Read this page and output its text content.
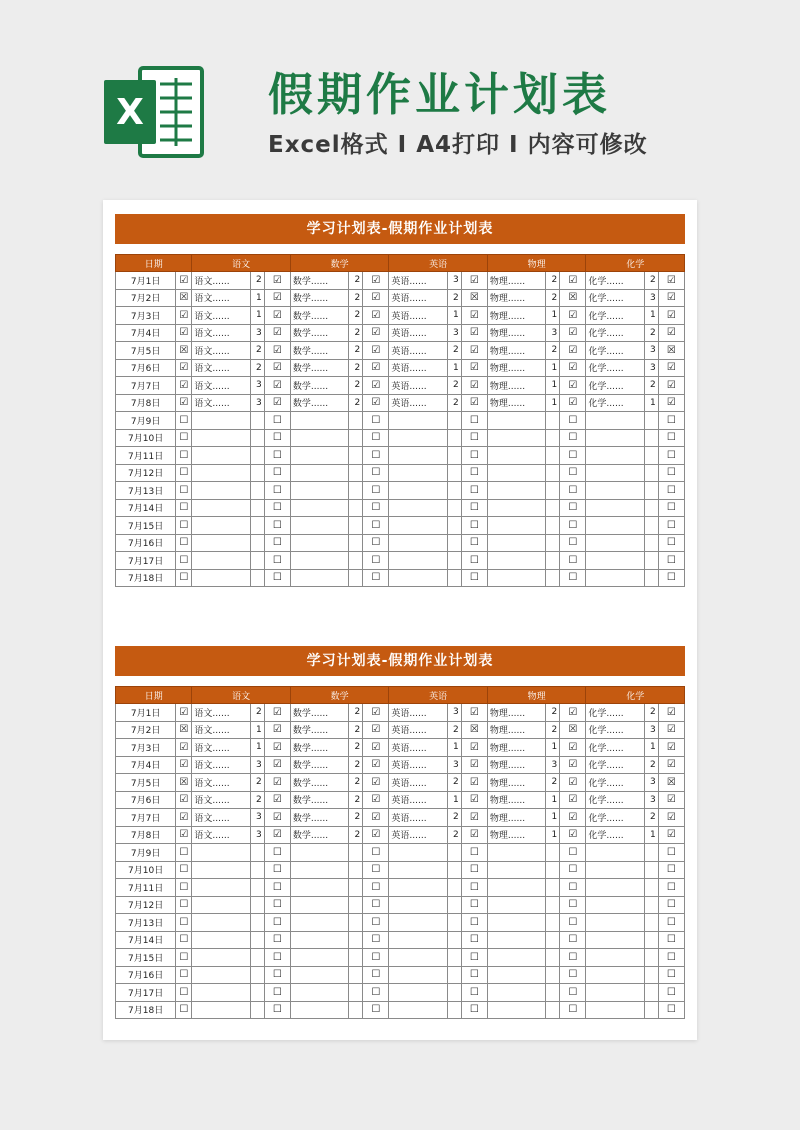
X	假期作业计划表
Excel格式 I A4打印 I 内容可修改
学习计划表-假期作业计划表
日期		语文			数学			英语			物理			化学		
7月1日	☑	语文......	2	☑	数学......	2	☑	英语......	3	☑	物理......	2	☑	化学......	2	☑
7月2日	☒	语文......	1	☑	数学......	2	☑	英语......	2	☒	物理......	2	☒	化学......	3	☑
7月3日	☑	语文......	1	☑	数学......	2	☑	英语......	1	☑	物理......	1	☑	化学......	1	☑
7月4日	☑	语文......	3	☑	数学......	2	☑	英语......	3	☑	物理......	3	☑	化学......	2	☑
7月5日	☒	语文......	2	☑	数学......	2	☑	英语......	2	☑	物理......	2	☑	化学......	3	☒
7月6日	☑	语文......	2	☑	数学......	2	☑	英语......	1	☑	物理......	1	☑	化学......	3	☑
7月7日	☑	语文......	3	☑	数学......	2	☑	英语......	2	☑	物理......	1	☑	化学......	2	☑
7月8日	☑	语文......	3	☑	数学......	2	☑	英语......	2	☑	物理......	1	☑	化学......	1	☑
7月9日	☐			☐			☐			☐			☐			☐
7月10日	☐			☐			☐			☐			☐			☐
7月11日	☐			☐			☐			☐			☐			☐
7月12日	☐			☐			☐			☐			☐			☐
7月13日	☐			☐			☐			☐			☐			☐
7月14日	☐			☐			☐			☐			☐			☐
7月15日	☐			☐			☐			☐			☐			☐
7月16日	☐			☐			☐			☐			☐			☐
7月17日	☐			☐			☐			☐			☐			☐
7月18日	☐			☐			☐			☐			☐			☐
学习计划表-假期作业计划表
日期		语文			数学			英语			物理			化学		
7月1日	☑	语文......	2	☑	数学......	2	☑	英语......	3	☑	物理......	2	☑	化学......	2	☑
7月2日	☒	语文......	1	☑	数学......	2	☑	英语......	2	☒	物理......	2	☒	化学......	3	☑
7月3日	☑	语文......	1	☑	数学......	2	☑	英语......	1	☑	物理......	1	☑	化学......	1	☑
7月4日	☑	语文......	3	☑	数学......	2	☑	英语......	3	☑	物理......	3	☑	化学......	2	☑
7月5日	☒	语文......	2	☑	数学......	2	☑	英语......	2	☑	物理......	2	☑	化学......	3	☒
7月6日	☑	语文......	2	☑	数学......	2	☑	英语......	1	☑	物理......	1	☑	化学......	3	☑
7月7日	☑	语文......	3	☑	数学......	2	☑	英语......	2	☑	物理......	1	☑	化学......	2	☑
7月8日	☑	语文......	3	☑	数学......	2	☑	英语......	2	☑	物理......	1	☑	化学......	1	☑
7月9日	☐			☐			☐			☐			☐			☐
7月10日	☐			☐			☐			☐			☐			☐
7月11日	☐			☐			☐			☐			☐			☐
7月12日	☐			☐			☐			☐			☐			☐
7月13日	☐			☐			☐			☐			☐			☐
7月14日	☐			☐			☐			☐			☐			☐
7月15日	☐			☐			☐			☐			☐			☐
7月16日	☐			☐			☐			☐			☐			☐
7月17日	☐			☐			☐			☐			☐			☐
7月18日	☐			☐			☐			☐			☐			☐
